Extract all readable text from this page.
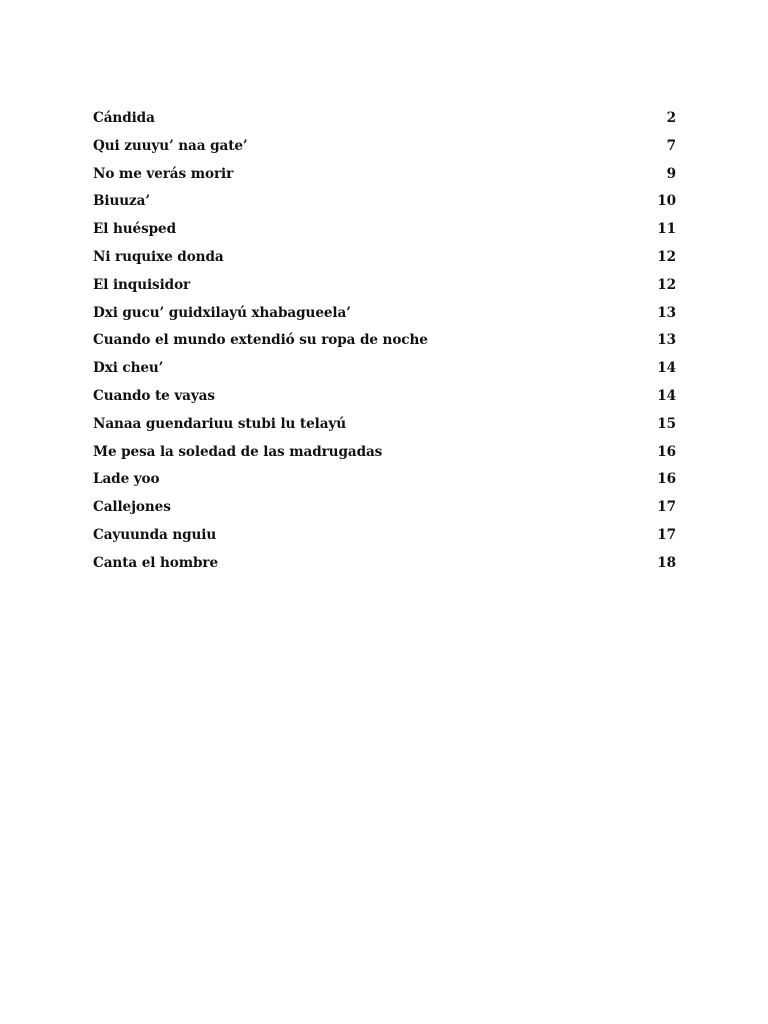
Cándida	2
Qui zuuyu’ naa gate’	7
No me verás morir	9
Biuuza’	10
El huésped	11
Ni ruquixe donda	12
El inquisidor	12
Dxi gucu’ guidxilayú xhabagueela’	13
Cuando el mundo extendió su ropa de noche	13
Dxi cheu’	14
Cuando te vayas	14
Nanaa guendariuu stubi lu telayú	15
Me pesa la soledad de las madrugadas	16
Lade yoo	16
Callejones	17
Cayuunda nguiu	17
Canta el hombre	18
